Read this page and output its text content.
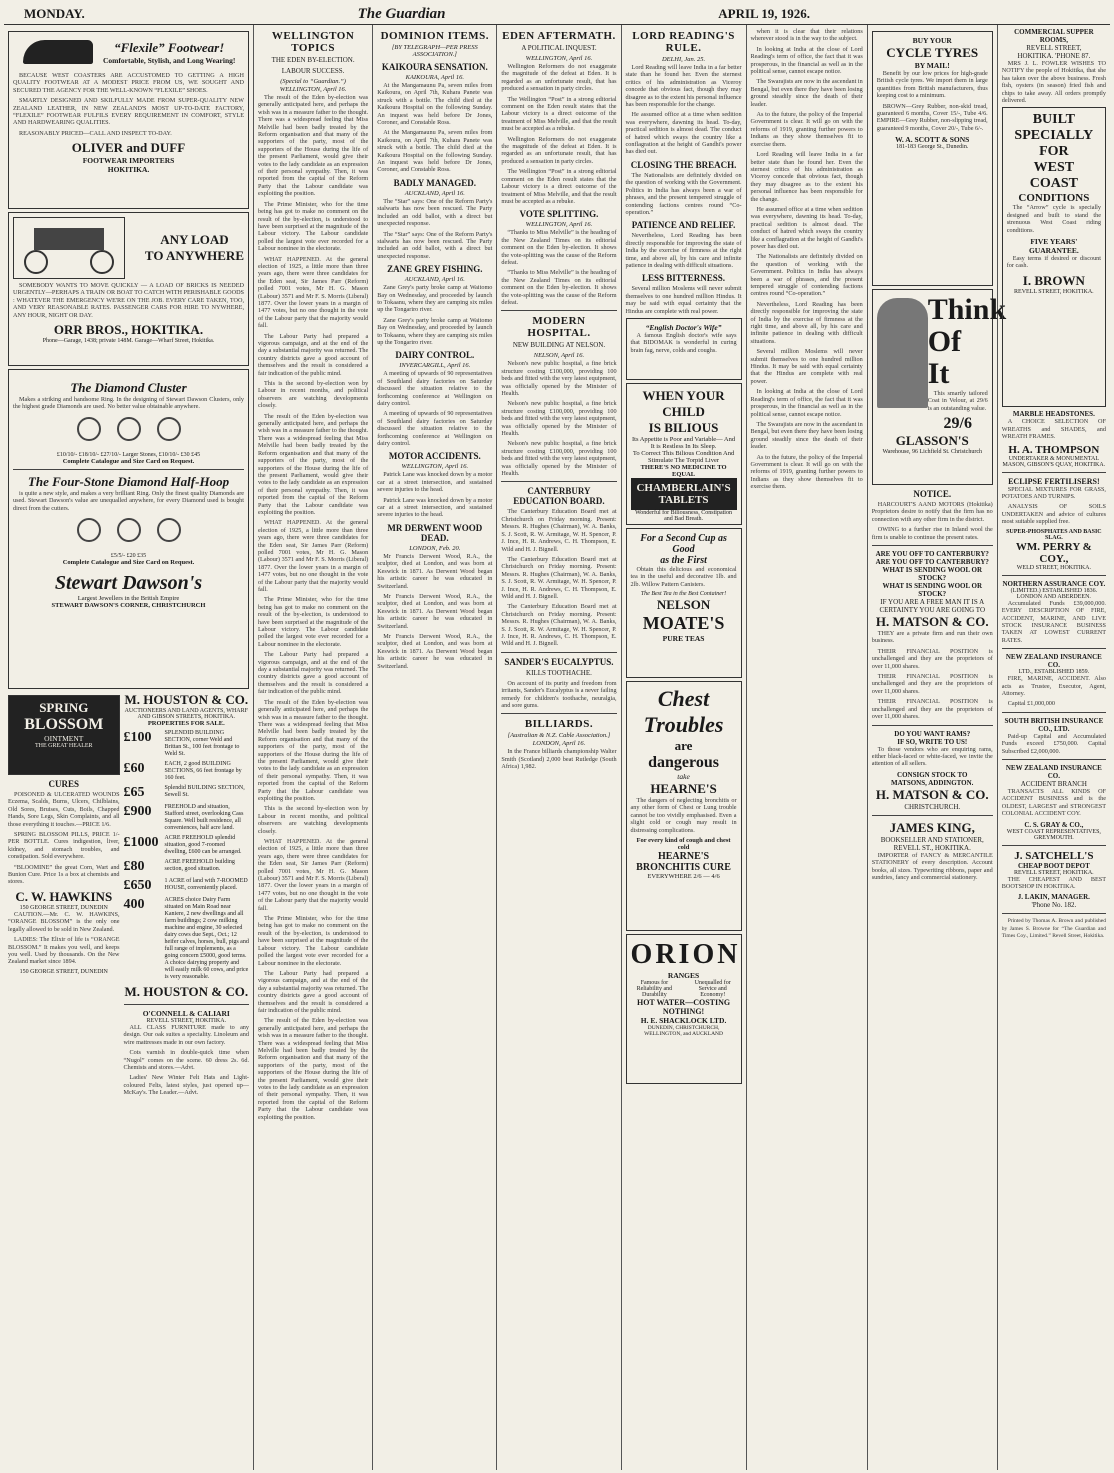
MONDAY.	The Guardian	APRIL 19, 1926.
“Flexile” Footwear!
Comfortable, Stylish, and Long Wearing!

BECAUSE WEST COASTERS ARE ACCUSTOMED TO GETTING A HIGH QUALITY FOOTWEAR AT A MODEST PRICE FROM US, WE SOUGHT AND SECURED THE AGENCY FOR THE WELL-KNOWN “FLEXILE” SHOES.

SMARTLY DESIGNED AND SKILFULLY MADE FROM SUPER-QUALITY NEW ZEALAND LEATHER, IN NEW ZEALAND'S MOST UP-TO-DATE FACTORY, “FLEXILE” FOOTWEAR FULFILS EVERY REQUIREMENT IN COMFORT, STYLE AND HARDWEARING QUALITIES.

REASONABLY PRICED—CALL AND INSPECT TO-DAY.

OLIVER and DUFF
FOOTWEAR IMPORTERS
HOKITIKA.
ANY LOAD
TO ANYWHERE

SOMEBODY WANTS TO MOVE QUICKLY — A LOAD OF BRICKS IS NEEDED URGENTLY—PERHAPS A TRAIN OR BOAT TO CATCH WITH PERISHABLE GOODS : WHATEVER THE EMERGENCY WE'RE ON THE JOB. EVERY CARE TAKEN, TOO, AND VERY REASONABLE RATES. PASSENGER CARS FOR HIRE TO NYWHERE, ANY HOUR, NIGHT OR DAY.

ORR BROS., HOKITIKA.
Phone—Garage, 1438; private 148M. Garage—Wharf Street, Hokitika.
The Diamond Cluster

Makes a striking and handsome Ring. In the designing of Stewart Dawson Clusters, only the highest grade Diamonds are used. No better value obtainable anywhere.

£10/10/- £18/10/- £27/10/- Larger Stones, £10/10/- £30 £45
Complete Catalogue and Size Card on Request.
The Four-Stone Diamond Half-Hoop

is quite a new style, and makes a very brilliant Ring. Only the finest quality Diamonds are used. Stewart Dawson's value are unequalled anywhere, for every Diamond used is bought direct from the cutters.

£5/5/- £20 £35
Complete Catalogue and Size Card on Request.
Stewart Dawson's
Largest Jewellers in the British Empire
STEWART DAWSON'S CORNER, CHRISTCHURCH
SPRING
BLOSSOM
OINTMENT
THE GREAT HEALER
CURES

POISONED & ULCERATED WOUNDS Eczema, Scalds, Burns, Ulcers, Chilblains, Old Sores, Bruises, Cuts, Boils, Chapped Hands, Sore Legs, Skin Complaints, and all those everything it touches.—PRICE 1/6.

SPRING BLOSSOM PILLS, PRICE 1/- PER BOTTLE. Cures indigestion, liver, kidney, and stomach troubles, and constipation. Sold everywhere.

“BLOOMINE” the great Corn, Wart and Bunion Cure. Price 1s a box at chemists and stores.

C. W. HAWKINS
150 GEORGE STREET, DUNEDIN

CAUTION.—Mr. C. W. HAWKINS, “ORANGE BLOSSOM” is the only one legally allowed to be sold in New Zealand.

LADIES: The Elixir of life is “ORANGE BLOSSOM.” It makes you well, and keeps you well. Used by thousands. On the New Zealand market since 1894.

150 GEORGE STREET, DUNEDIN
M. HOUSTON & CO.
AUCTIONEERS AND LAND AGENTS, WHARF AND GIBSON STREETS, HOKITIKA.
PROPERTIES FOR SALE.
£100	SPLENDID BUILDING SECTION, corner Weld and Brittan St., 100 feet frontage to Weld St.
£60	EACH, 2 good BUILDING SECTIONS, 66 feet frontage by 160 feet.
£65	Splendid BUILDING SECTION, Sewell St.
£900	FREEHOLD and situation, Stafford street, overlooking Cass Square. Well built residence, all conveniences, half acre land.
£1000	ACRE FREEHOLD splendid situation, good 7-roomed dwelling, £600 can be arranged.
£80	ACRE FREEHOLD building section, good situation.
£650	1 ACRE of land with 7-ROOMED HOUSE, conveniently placed.
400	ACRES choice Dairy Farm situated on Main Road near Kaniere, 2 new dwellings and all farm buildings; 2 cow milking machine and engine, 30 selected dairy cows due Sept., Oct.; 12 heifer calves, horses, bull, pigs and full range of implements, as a going concern £5000, good terms. A choice dairying property and will easily milk 60 cows, and price is very reasonable.
M. HOUSTON & CO.
O'CONNELL & CALIARI
REVELL STREET, HOKITIKA.

ALL CLASS FURNITURE made to any design. Our oak suites a speciality. Linoleum and wire mattresses made in our own factory.

Cots varnish in double-quick time when “Nugol” comes on the scene. 60 dress 2s. 6d. Chemists and stores.—Advt.

Ladies' New Winter Felt Hats and Light-coloured Felts, latest styles, just opened up—McKay's. The Leader.—Advt.

WELLINGTON TOPICS
THE EDEN BY-ELECTION.
LABOUR SUCCESS.
(Special to “Guardian.”)
WELLINGTON, April 16.

The result of the Eden by-election was generally anticipated here, and perhaps the wish was in a measure father to the thought. There was a widespread feeling that Miss Melville had been badly treated by the Reform organisation and that many of the supporters of the party, most of the supporters of the House during the life of the present Parliament, would give their votes to the lady candidate as an expression of their personal sympathy. Then, it was reported from the capital of the Reform Party that the Labour candidate was exploiting the position.

The Prime Minister, who for the time being has got to make no comment on the result of the by-election, is understood to have been surprised at the magnitude of the Labour victory. The Labour candidate polled the largest vote ever recorded for a Labour nominee in the electorate.

WHAT HAPPENED. At the general election of 1925, a little more than three years ago, there were three candidates for the Eden seat, Sir James Parr (Reform) polled 7001 votes, Mr H. G. Mason (Labour) 3571 and Mr F. S. Morris (Liberal) 1877. Over the lower years in a margin of 1477 votes, but no one thought in the vote of the Labour party that the majority would fall.

The Labour Party had prepared a vigorous campaign, and at the end of the day a substantial majority was returned. The country districts gave a good account of themselves and the result is considered a fair indication of the public mind.

This is the second by-election won by Labour in recent months, and political observers are watching developments closely.

The result of the Eden by-election was generally anticipated here, and perhaps the wish was in a measure father to the thought. There was a widespread feeling that Miss Melville had been badly treated by the Reform organisation and that many of the supporters of the party, most of the supporters of the House during the life of the present Parliament, would give their votes to the lady candidate as an expression of their personal sympathy. Then, it was reported from the capital of the Reform Party that the Labour candidate was exploiting the position.

WHAT HAPPENED. At the general election of 1925, a little more than three years ago, there were three candidates for the Eden seat, Sir James Parr (Reform) polled 7001 votes, Mr H. G. Mason (Labour) 3571 and Mr F. S. Morris (Liberal) 1877. Over the lower years in a margin of 1477 votes, but no one thought in the vote of the Labour party that the majority would fall.

The Prime Minister, who for the time being has got to make no comment on the result of the by-election, is understood to have been surprised at the magnitude of the Labour victory. The Labour candidate polled the largest vote ever recorded for a Labour nominee in the electorate.

The Labour Party had prepared a vigorous campaign, and at the end of the day a substantial majority was returned. The country districts gave a good account of themselves and the result is considered a fair indication of the public mind.

The result of the Eden by-election was generally anticipated here, and perhaps the wish was in a measure father to the thought. There was a widespread feeling that Miss Melville had been badly treated by the Reform organisation and that many of the supporters of the party, most of the supporters of the House during the life of the present Parliament, would give their votes to the lady candidate as an expression of their personal sympathy. Then, it was reported from the capital of the Reform Party that the Labour candidate was exploiting the position.

This is the second by-election won by Labour in recent months, and political observers are watching developments closely.

WHAT HAPPENED. At the general election of 1925, a little more than three years ago, there were three candidates for the Eden seat, Sir James Parr (Reform) polled 7001 votes, Mr H. G. Mason (Labour) 3571 and Mr F. S. Morris (Liberal) 1877. Over the lower years in a margin of 1477 votes, but no one thought in the vote of the Labour party that the majority would fall.

The Prime Minister, who for the time being has got to make no comment on the result of the by-election, is understood to have been surprised at the magnitude of the Labour victory. The Labour candidate polled the largest vote ever recorded for a Labour nominee in the electorate.

The Labour Party had prepared a vigorous campaign, and at the end of the day a substantial majority was returned. The country districts gave a good account of themselves and the result is considered a fair indication of the public mind.

The result of the Eden by-election was generally anticipated here, and perhaps the wish was in a measure father to the thought. There was a widespread feeling that Miss Melville had been badly treated by the Reform organisation and that many of the supporters of the party, most of the supporters of the House during the life of the present Parliament, would give their votes to the lady candidate as an expression of their personal sympathy. Then, it was reported from the capital of the Reform Party that the Labour candidate was exploiting the position.

DOMINION ITEMS.
[BY TELEGRAPH—PER PRESS ASSOCIATION.]
KAIKOURA SENSATION.
KAIKOURA, April 16.

At the Mangamaunu Pa, seven miles from Kaikoura, on April 7th, Kuhara Panete was struck with a bottle. The child died at the Kaikoura Hospital on the following Sunday. An inquest was held before Dr Jones, Coroner, and Constable Ross.

At the Mangamaunu Pa, seven miles from Kaikoura, on April 7th, Kuhara Panete was struck with a bottle. The child died at the Kaikoura Hospital on the following Sunday. An inquest was held before Dr Jones, Coroner, and Constable Ross.

BADLY MANAGED.
AUCKLAND, April 16.

The “Star” says: One of the Reform Party's stalwarts has now been rescued. The Party included an odd ballot, with a direct but unexpected response.

The “Star” says: One of the Reform Party's stalwarts has now been rescued. The Party included an odd ballot, with a direct but unexpected response.

ZANE GREY FISHING.
AUCKLAND, April 16.

Zane Grey's party broke camp at Waitomo Bay on Wednesday, and proceeded by launch to Tokaanu, where they are camping six miles up the Tongariro river.

Zane Grey's party broke camp at Waitomo Bay on Wednesday, and proceeded by launch to Tokaanu, where they are camping six miles up the Tongariro river.

DAIRY CONTROL.
INVERCARGILL, April 16.

A meeting of upwards of 90 representatives of Southland dairy factories on Saturday discussed the situation relative to the forthcoming conference at Wellington on dairy control.

A meeting of upwards of 90 representatives of Southland dairy factories on Saturday discussed the situation relative to the forthcoming conference at Wellington on dairy control.

MOTOR ACCIDENTS.
WELLINGTON, April 16.

Patrick Lane was knocked down by a motor car at a street intersection, and sustained severe injuries to the head.

Patrick Lane was knocked down by a motor car at a street intersection, and sustained severe injuries to the head.

MR DERWENT WOOD DEAD.
LONDON, Feb. 20.

Mr Francis Derwent Wood, R.A., the sculptor, died at London, and was born at Keswick in 1871. As Derwent Wood began his artistic career he was educated in Switzerland.

Mr Francis Derwent Wood, R.A., the sculptor, died at London, and was born at Keswick in 1871. As Derwent Wood began his artistic career he was educated in Switzerland.

Mr Francis Derwent Wood, R.A., the sculptor, died at London, and was born at Keswick in 1871. As Derwent Wood began his artistic career he was educated in Switzerland.

EDEN AFTERMATH.
A POLITICAL INQUEST.
WELLINGTON, April 16.

Wellington Reformers do not exaggerate the magnitude of the defeat at Eden. It is regarded as an unfortunate result, that has produced a sensation in party circles.

The Wellington “Post” in a strong editorial comment on the Eden result states that the Labour victory is a direct outcome of the treatment of Miss Melville, and that the result must be accepted as a rebuke.

Wellington Reformers do not exaggerate the magnitude of the defeat at Eden. It is regarded as an unfortunate result, that has produced a sensation in party circles.

The Wellington “Post” in a strong editorial comment on the Eden result states that the Labour victory is a direct outcome of the treatment of Miss Melville, and that the result must be accepted as a rebuke.

VOTE SPLITTING.
WELLINGTON, April 16.

“Thanks to Miss Melville” is the heading of the New Zealand Times on its editorial comment on the Eden by-election. It shows the vote-splitting was the cause of the Reform defeat.

“Thanks to Miss Melville” is the heading of the New Zealand Times on its editorial comment on the Eden by-election. It shows the vote-splitting was the cause of the Reform defeat.

MODERN HOSPITAL.
NEW BUILDING AT NELSON.
NELSON, April 16.

Nelson's new public hospital, a fine brick structure costing £100,000, providing 100 beds and fitted with the very latest equipment, was officially opened by the Minister of Health.

Nelson's new public hospital, a fine brick structure costing £100,000, providing 100 beds and fitted with the very latest equipment, was officially opened by the Minister of Health.

Nelson's new public hospital, a fine brick structure costing £100,000, providing 100 beds and fitted with the very latest equipment, was officially opened by the Minister of Health.

CANTERBURY EDUCATION BOARD.

The Canterbury Education Board met at Christchurch on Friday morning. Present: Messrs. R. Hughes (Chairman), W. A. Banks, S. J. Scott, R. W. Armitage, W. H. Spencer, P. J. Ince, H. R. Andrews, C. H. Thompson, E. Wild and H. J. Bignell.

The Canterbury Education Board met at Christchurch on Friday morning. Present: Messrs. R. Hughes (Chairman), W. A. Banks, S. J. Scott, R. W. Armitage, W. H. Spencer, P. J. Ince, H. R. Andrews, C. H. Thompson, E. Wild and H. J. Bignell.

The Canterbury Education Board met at Christchurch on Friday morning. Present: Messrs. R. Hughes (Chairman), W. A. Banks, S. J. Scott, R. W. Armitage, W. H. Spencer, P. J. Ince, H. R. Andrews, C. H. Thompson, E. Wild and H. J. Bignell.

SANDER'S EUCALYPTUS.
KILLS TOOTHACHE.

On account of its purity and freedom from irritants, Sander's Eucalyptus is a never failing remedy for children's toothache, neuralgia, and sore gums.

BILLIARDS.
[Australian & N.Z. Cable Association.]
LONDON, April 16.

In the France billiards championship Walter Smith (Scotland) 2,000 beat Rutledge (South Africa) 1,982.

LORD READING'S RULE.
DELHI, Jan. 25.

Lord Reading will leave India in a far better state than he found her. Even the sternest critics of his administration as Viceroy concede that obvious fact, though they may disagree as to the extent his personal influence has been responsible for the change.

He assumed office at a time when sedition was everywhere, dawning its head. To-day, practical sedition is almost dead. The conduct of hatred which sways the country like a conflagration at the height of Gandhi's power has died out.

CLOSING THE BREACH.

The Nationalists are definitely divided on the question of working with the Government. Politics in India has always been a war of phrases, and the present tempered struggle of contending factions centres round “Co-operation.”

PATIENCE AND RELIEF.

Nevertheless, Lord Reading has been directly responsible for improving the state of India by the exercise of firmness at the right time, and above all, by his care and infinite patience in dealing with difficult situations.

LESS BITTERNESS.

Several million Moslems will never submit themselves to one hundred million Hindus. It may be said with equal certainty that the Hindus are complete with real power.

“English Doctor's Wife”

A famous English doctor's wife says that BIDOMAK is wonderful in curing brain fag, nerve, colds and coughs.

WHEN YOUR CHILD
IS BILIOUS
Its Appetite is Poor and Variable— And It is Restless In Its Sleep.
To Correct This Bilious Condition And Stimulate The Torpid Liver
THERE'S NO MEDICINE TO EQUAL
CHAMBERLAIN'S TABLETS
Wonderful for Biliousness, Constipation and Bad Breath.
For a Second Cup as Good
as the First

Obtain this delicious and economical tea in the useful and decorative 1lb. and 2lb. Willow Pattern Canisters.

The Best Tea in the Best Container!
NELSON
MOATE'S
PURE TEAS
Chest
Troubles
are
dangerous
take
HEARNE'S

The dangers of neglecting bronchitis or any other form of Chest or Lung trouble cannot be too vividly emphasised. Even a slight cold or cough may result in distressing complications.

For every kind of cough and chest cold
HEARNE'S BRONCHITIS CURE
EVERYWHERE 2/6 — 4/6
ORION
RANGES
Famous for Reliability and Durability
Unequalled for Service and Economy!
HOT WATER—COSTING NOTHING!
H. E. SHACKLOCK LTD.
DUNEDIN, CHRISTCHURCH, WELLINGTON, and AUCKLAND

when it is clear that their relations wherever stood is in the way to the subject.

In looking at India at the close of Lord Reading's term of office, the fact that it was prosperous, in the financial as well as in the political sense, cannot escape notice.

The Swarajists are now in the ascendant in Bengal, but even there they have been losing ground steadily since the death of their leader.

As to the future, the policy of the Imperial Government is clear. It will go on with the reforms of 1919, granting further powers to Indians as they show themselves fit to exercise them.

Lord Reading will leave India in a far better state than he found her. Even the sternest critics of his administration as Viceroy concede that obvious fact, though they may disagree as to the extent his personal influence has been responsible for the change.

He assumed office at a time when sedition was everywhere, dawning its head. To-day, practical sedition is almost dead. The conduct of hatred which sways the country like a conflagration at the height of Gandhi's power has died out.

The Nationalists are definitely divided on the question of working with the Government. Politics in India has always been a war of phrases, and the present tempered struggle of contending factions centres round “Co-operation.”

Nevertheless, Lord Reading has been directly responsible for improving the state of India by the exercise of firmness at the right time, and above all, by his care and infinite patience in dealing with difficult situations.

Several million Moslems will never submit themselves to one hundred million Hindus. It may be said with equal certainty that the Hindus are complete with real power.

In looking at India at the close of Lord Reading's term of office, the fact that it was prosperous, in the financial as well as in the political sense, cannot escape notice.

The Swarajists are now in the ascendant in Bengal, but even there they have been losing ground steadily since the death of their leader.

As to the future, the policy of the Imperial Government is clear. It will go on with the reforms of 1919, granting further powers to Indians as they show themselves fit to exercise them.

BUY YOUR
CYCLE TYRES
BY MAIL!

Benefit by our low prices for high-grade British cycle tyres. We import them in large quantities from British manufacturers, thus keeping cost to a minimum.

BROWN—Grey Rubber, non-skid tread, guaranteed 6 months, Cover 15/-, Tube 4/6. EMPIRE—Grey Rubber, non-slipping tread, guaranteed 9 months, Cover 20/-, Tube 6/-.

W. A. SCOTT & SONS
181-183 George St., Dunedin.
Think Of It

This smartly tailored Coat in Velour, at 29/6 is an outstanding value.

29/6
GLASSON'S
Warehouse, 96 Lichfield St. Christchurch
NOTICE.

HARCOURT'S AAND MOTORS (Hokitika) Proprietors desire to notify that the firm has no connection with any other firm in the district.

OWING to a further rise in Inland wool the firm is unable to continue the present rates.

ARE YOU OFF TO CANTERBURY?
ARE YOU OFF TO CANTERBURY?
WHAT IS SENDING WOOL OR STOCK?
WHAT IS SENDING WOOL OR STOCK?
IF YOU ARE A FREE MAN IT IS A CERTAINTY YOU ARE GOING TO
H. MATSON & CO.

THEY are a private firm and run their own business.

THEIR FINANCIAL POSITION is unchallenged and they are the proprietors of over 11,000 shares.

THEIR FINANCIAL POSITION is unchallenged and they are the proprietors of over 11,000 shares.

THEIR FINANCIAL POSITION is unchallenged and they are the proprietors of over 11,000 shares.

DO YOU WANT RAMS?
IF SO, WRITE TO US!

To those vendors who are enquiring rams, either black-faced or white-faced, we invite the attention of all sellers.

CONSIGN STOCK TO
MATSONS, ADDINGTON.
H. MATSON & CO.
CHRISTCHURCH.
JAMES KING,
BOOKSELLER AND STATIONER,
REVELL ST., HOKITIKA.

IMPORTER of FANCY & MERCANTILE STATIONERY of every description. Account books, all sizes. Typewriting ribbons, paper and sundries, fancy and commercial stationery.

COMMERCIAL SUPPER ROOMS,
REVELL STREET,
HOKITIKA. 'PHONE 87.

MRS J. L. FOWLER WISHES TO NOTIFY the people of Hokitika, that she has taken over the above business. Fresh fish, oysters (in season) fried fish and chips to take away. All orders promptly delivered.

BUILT
SPECIALLY
FOR
WEST
COAST
CONDITIONS

The “Arrow” cycle is specially designed and built to stand the strenuous West Coast riding conditions.

FIVE YEARS' GUARANTEE.

Easy terms if desired or discount for cash.

I. BROWN
REVELL STREET, HOKITIKA.
MARBLE HEADSTONES.

A CHOICE SELECTION OF WREATHS and SHADES, and WREATH FRAMES.

H. A. THOMPSON
UNDERTAKER & MONUMENTAL MASON, GIBSON'S QUAY, HOKITIKA.
ECLIPSE FERTILISERS!

SPECIAL MIXTURES FOR GRASS, POTATOES AND TURNIPS.

ANALYSIS OF SOILS UNDERTAKEN and advice of cultures most suitable supplied free.

SUPER-PHOSPHATES AND BASIC SLAG.
WM. PERRY & COY.,
WELD STREET, HOKITIKA.
NORTHERN ASSURANCE COY.
(LIMITED.) ESTABLISHED 1836.
LONDON AND ABERDEEN.

Accumulated Funds £39,000,000. EVERY DESCRIPTION OF FIRE, ACCIDENT, MARINE, AND LIVE STOCK INSURANCE BUSINESS TAKEN AT LOWEST CURRENT RATES.

NEW ZEALAND INSURANCE CO.
LTD., ESTABLISHED 1859.

FIRE, MARINE, ACCIDENT. Also acts as Trustee, Executor, Agent, Attorney.

Capital £1,000,000

SOUTH BRITISH INSURANCE CO., LTD.

Paid-up Capital and Accumulated Funds exceed £750,000. Capital Subscribed £2,000,000.

NEW ZEALAND INSURANCE CO.
ACCIDENT BRANCH

TRANSACTS ALL KINDS OF ACCIDENT BUSINESS and is the OLDEST, LARGEST and STRONGEST COLONIAL ACCIDENT COY.

C. S. GRAY & CO.,
WEST COAST REPRESENTATIVES, GREYMOUTH.
J. SATCHELL'S
CHEAP BOOT DEPOT
REVELL STREET, HOKITIKA.

THE CHEAPEST AND BEST BOOTSHOP IN HOKITIKA.

J. LAKIN, MANAGER.
'Phone No. 182.

Printed by Thomas A. Brown and published by James S. Browne for “The Guardian and Times Coy., Limited.” Revell Street, Hokitika.
